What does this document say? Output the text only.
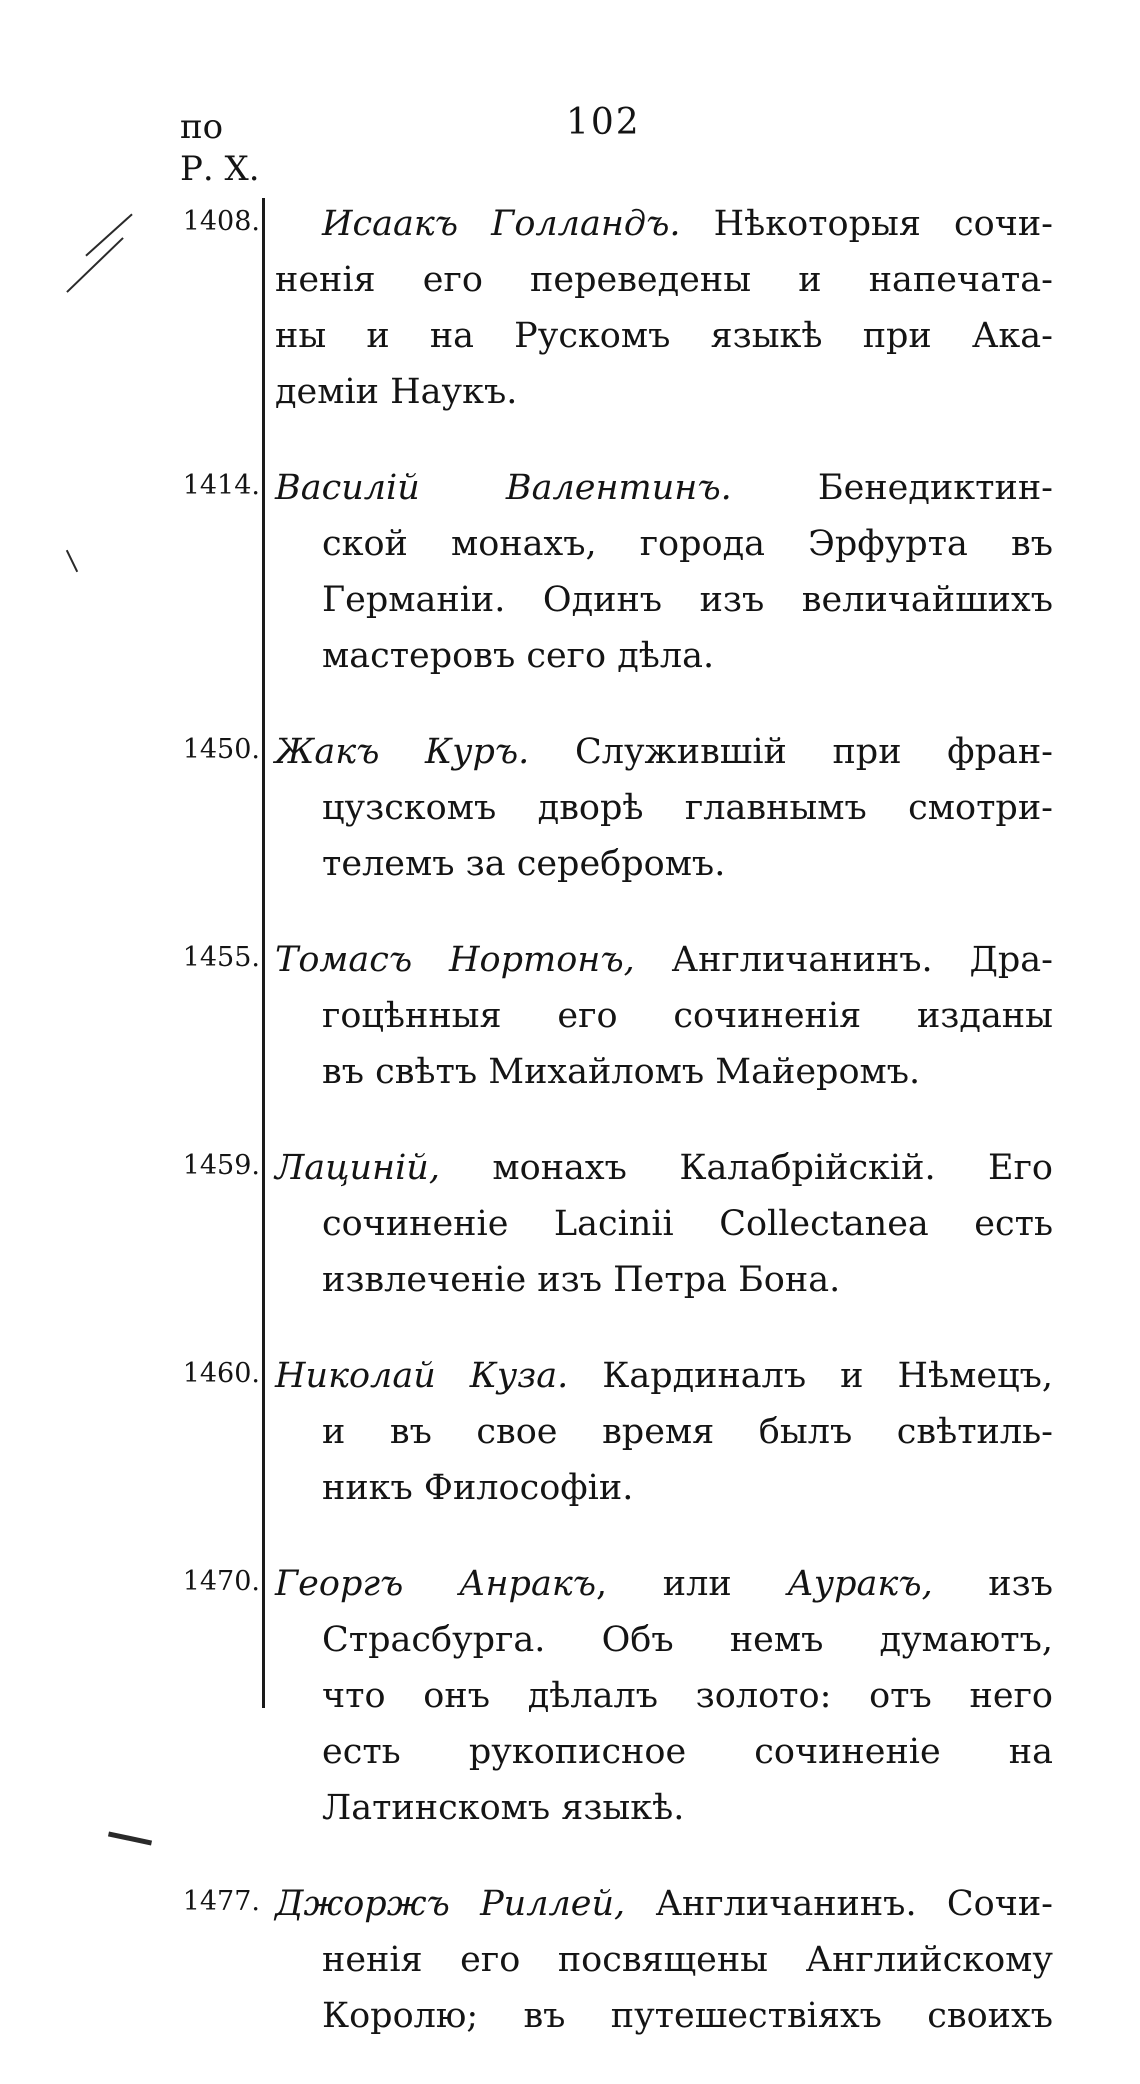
по
Р. Х.
102
1408.	Исаакъ Голландъ. Нѣкоторыя сочи-
ненія его переведены и напечата-
ны и на Рускомъ языкѣ при Ака-
деміи Наукъ.
1414. Василій Валентинъ. Бенедиктин-
ской монахъ, города Эрфурта въ
Германіи. Одинъ изъ величайшихъ
мастеровъ сего дѣла.
1450. Жакъ Куръ. Служившій при фран-
цузскомъ дворѣ главнымъ смотри-
телемъ за серебромъ.
1455. Томасъ Нортонъ, Англичанинъ. Дра-
гоцѣнныя его сочиненія изданы
въ свѣтъ Михайломъ Майеромъ.
1459. Лациній, монахъ Калабрійскій. Его
сочиненіе Lacinii Collectanea есть
извлеченіе изъ Петра Бона.
1460. Николай Куза. Кардиналъ и Нѣмецъ,
и въ свое время былъ свѣтиль-
никъ Философіи.
1470. Георгъ Анракъ, или Ауракъ, изъ
Страсбурга. Объ немъ думаютъ,
что онъ дѣлалъ золото: отъ него
есть рукописное сочиненіе на
Латинскомъ языкѣ.
1477. Джоржъ Риллей, Англичанинъ. Сочи-
ненія его посвящены Английскому
Королю; въ путешествіяхъ своихъ
